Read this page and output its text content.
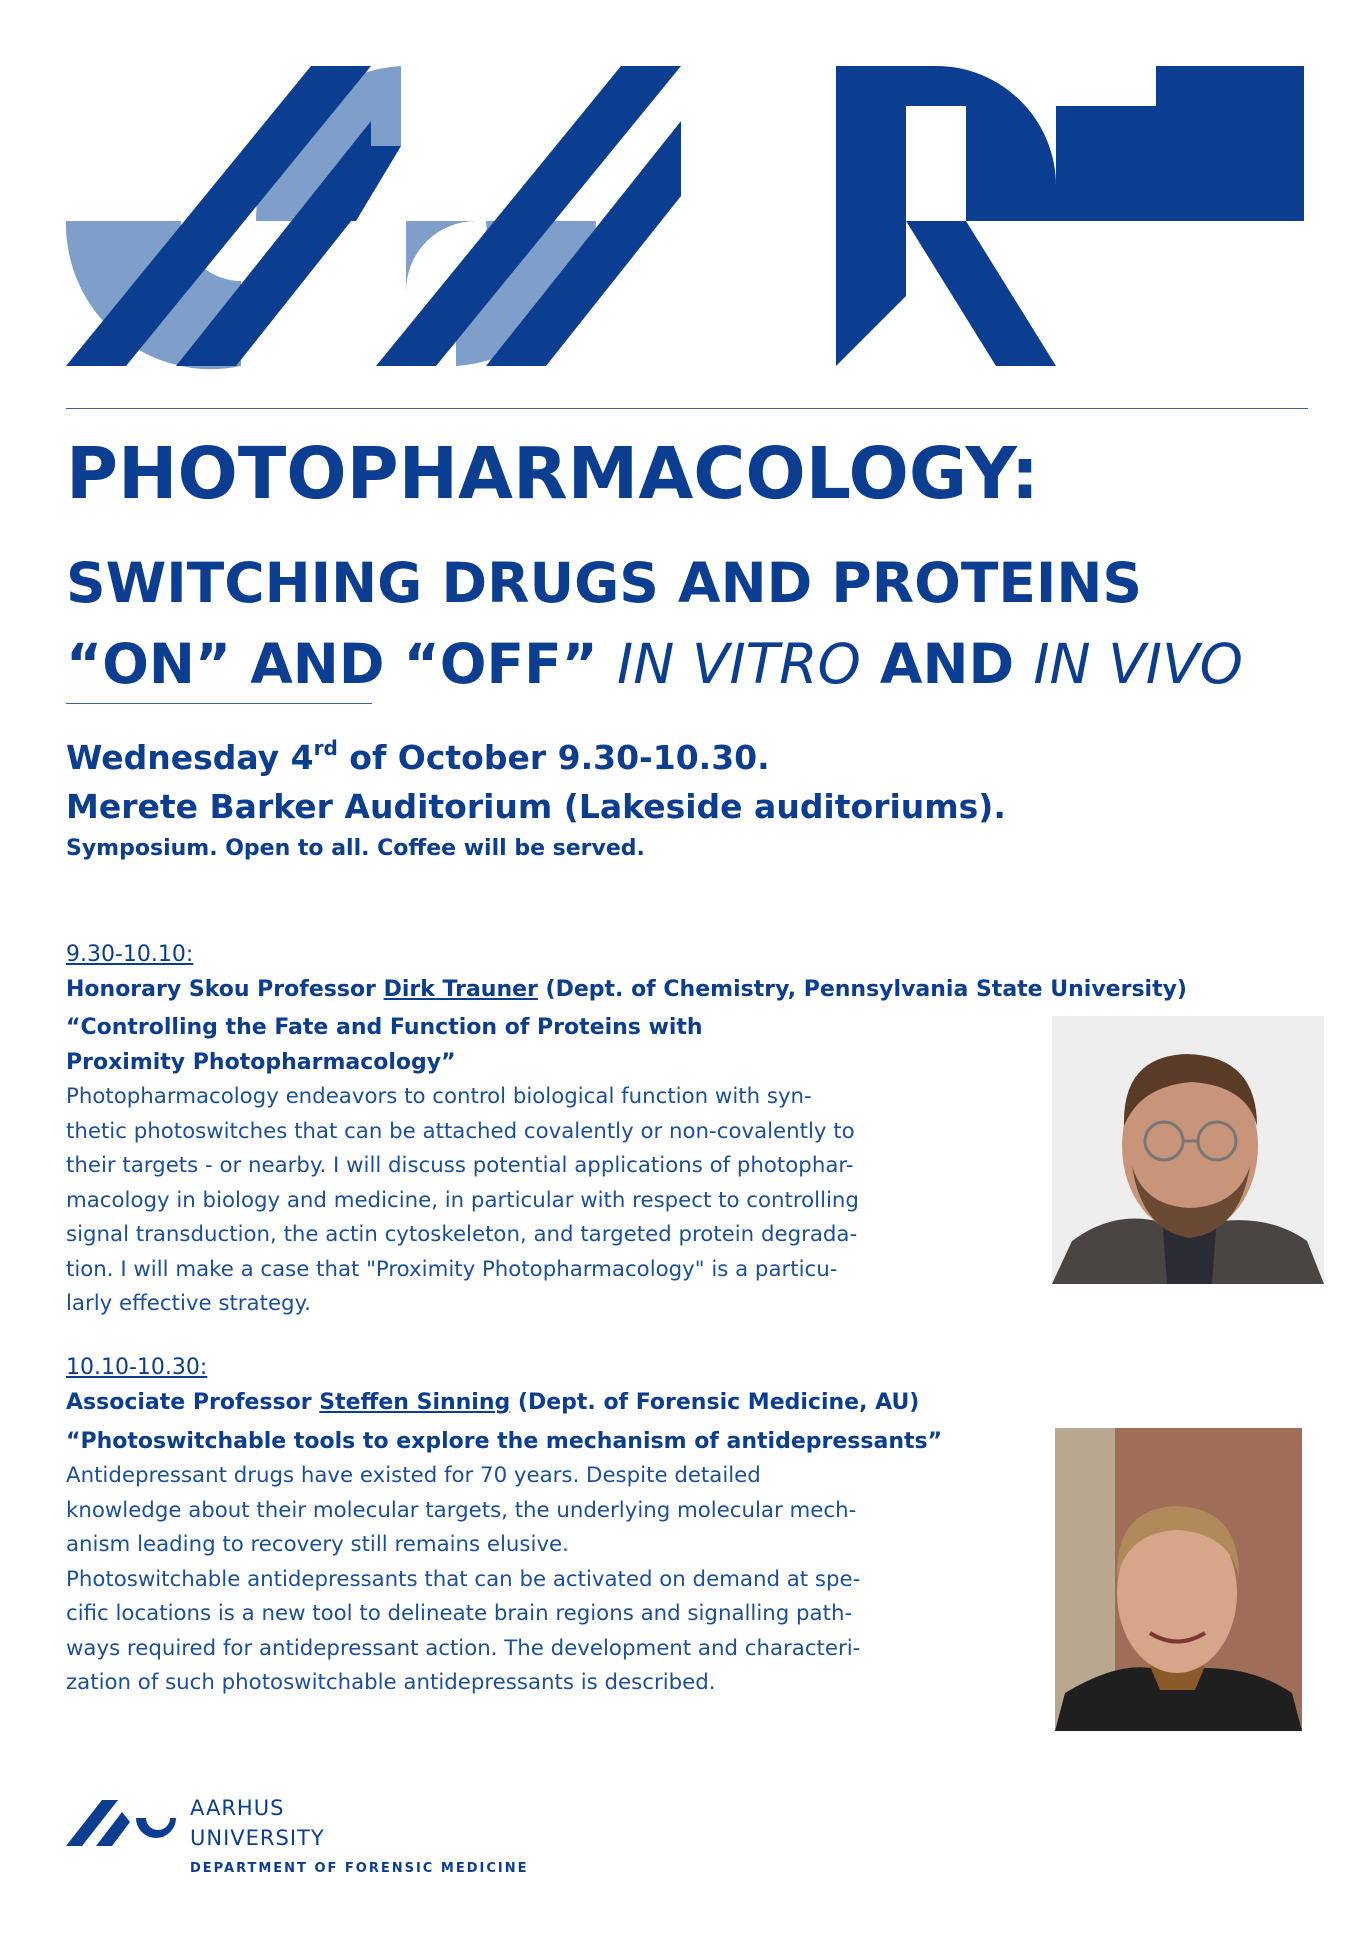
PHOTOPHARMACOLOGY:
SWITCHING DRUGS AND PROTEINS
“ON” AND “OFF” IN VITRO AND IN VIVO
Wednesday 4rd of October 9.30-10.30.
Merete Barker Auditorium (Lakeside auditoriums).
Symposium. Open to all. Coffee will be served.
9.30-10.10:
Honorary Skou Professor Dirk Trauner (Dept. of Chemistry, Pennsylvania State University)
“Controlling the Fate and Function of Proteins with Proximity Photopharmacology”
Photopharmacology endeavors to control biological function with syn-
thetic photoswitches that can be attached covalently or non-covalently to
their targets - or nearby. I will discuss potential applications of photophar-
macology in biology and medicine, in particular with respect to controlling
signal transduction, the actin cytoskeleton, and targeted protein degrada-
tion. I will make a case that "Proximity Photopharmacology" is a particu-
larly effective strategy.
10.10-10.30:
Associate Professor Steffen Sinning (Dept. of Forensic Medicine, AU)
“Photoswitchable tools to explore the mechanism of antidepressants”
Antidepressant drugs have existed for 70 years. Despite detailed
knowledge about their molecular targets, the underlying molecular mech-
anism leading to recovery still remains elusive.
Photoswitchable antidepressants that can be activated on demand at spe-
cific locations is a new tool to delineate brain regions and signalling path-
ways required for antidepressant action. The development and characteri-
zation of such photoswitchable antidepressants is described.
AARHUS
UNIVERSITY
DEPARTMENT OF FORENSIC MEDICINE
